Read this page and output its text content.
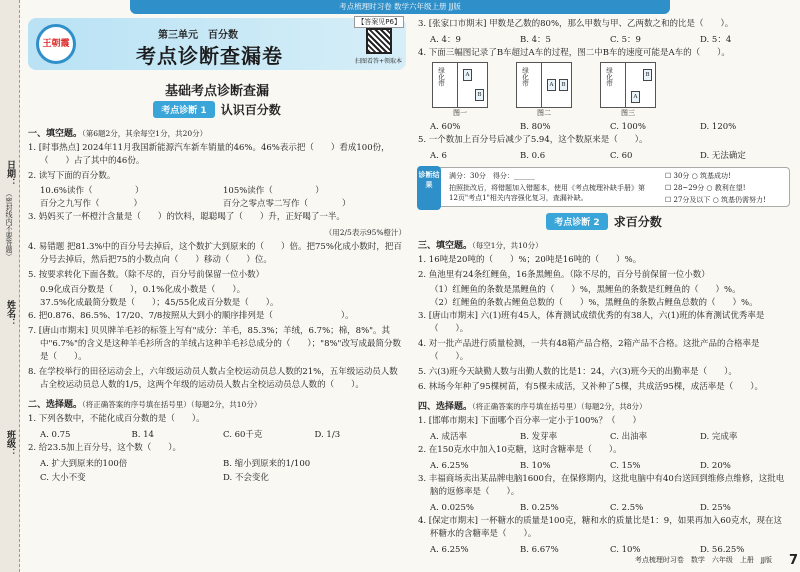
考点梳理时习卷 数学六年级上册 JJ版
日期：
（密封线内不要答题）
姓名：
班级：
王朝霞
第三单元　百分数
考点诊断查漏卷
【答案见P6】
扫图看答+领取本
基础考点诊断查漏
考点诊断 1	认识百分数
一、填空题。（第6题2分，其余每空1分，共20分）
1. [时事热点] 2024年11月我国新能源汽车新车销量的46%。46%表示把（　　）看成100份，（　　）占了其中的46份。
2. 读写下面的百分数。
10.6%读作（　　　　　）	105%读作（　　　　　）
百分之九写作（　　　　）	百分之零点零二写作（　　　　）
3. 妈妈买了一杯橙汁含量是（　　）的饮料，聪聪喝了（　　）升，正好喝了一半。
（用2/5表示95%橙汁）
4. 易错题 把81.3%中的百分号去掉后，这个数扩大到原来的（　　）倍。把75%化成小数时，把百分号去掉后，然后把75的小数点向（　　）移动（　　）位。
5. 按要求转化下面各数。（除不尽的，百分号前保留一位小数）
0.9化成百分数是（　　），0.1%化成小数是（　　）。
37.5%化成最简分数是（　　）；45/55化成百分数是（　　）。
6. 把0.876、86.5%、17/20、7/8按照从大到小的顺序排列是（　　　　　　　　）。
7. [唐山市期末] 贝贝牌羊毛衫的标签上写有"成分：羊毛，85.3%；羊绒，6.7%；棉，8%"。其中"6.7%"的含义是这种羊毛衫所含的羊绒占这种羊毛衫总成分的（　　）；"8%"改写成最简分数是（　　）。
8. 在学校举行的田径运动会上，六年级运动员人数占全校运动员总人数的21%，五年级运动员人数占全校运动员总人数的1/5，这两个年级的运动员人数占全校运动员总人数的（　　）。
二、选择题。（将正确答案的序号填在括号里）（每题2分，共10分）
1. 下列各数中，不能化成百分数的是（　　）。
A. 0.75	B. 14	C. 60千克	D. 1/3
2. 给23.5加上百分号，这个数（　　）。
A. 扩大到原来的100倍	B. 缩小到原来的1/100
C. 大小不变	D. 不会变化
3. [张家口市期末] 甲数是乙数的80%，那么甲数与甲、乙两数之和的比是（　　）。
A. 4：9	B. 4：5	C. 5：9	D. 5：4
4. 下面三幅图记录了B车超过A车的过程，图二中B车的速度可能是A车的（　　）。
绿化带	A
B
图一
绿化带	A	B
图二
绿化带
A
B
图三
A. 60%	B. 80%	C. 100%	D. 120%
5. 一个数加上百分号后减少了5.94，这个数原来是（　　）。
A. 6	B. 0.6	C. 60	D. 无法确定
诊断结果
满分：30分　得分：______
拍照批改后，将错题加入错题本，使用《考点梳理补缺手册》第12页"考点1"相关内容强化复习，查漏补缺。
☐ 30分 ○ 筑基成功!
☐ 28~29分 ○ 教利在望!
☐ 27分及以下 ○ 筑基仍需努力!
考点诊断 2	求百分数
三、填空题。（每空1分，共10分）
1. 16吨是20吨的（　　）%；20吨是16吨的（　　）%。
2. 鱼池里有24条红鲤鱼，16条黑鲤鱼。（除不尽的，百分号前保留一位小数）
（1）红鲤鱼的条数是黑鲤鱼的（　　）%，黑鲤鱼的条数是红鲤鱼的（　　）%。
（2）红鲤鱼的条数占鲤鱼总数的（　　）%，黑鲤鱼的条数占鲤鱼总数的（　　）%。
3. [唐山市期末] 六(1)班有45人，体育测试成绩优秀的有38人，六(1)班的体育测试优秀率是（　　）。
4. 对一批产品进行质量检测，一共有48箱产品合格，2箱产品不合格。这批产品的合格率是（　　）。
5. 六(3)班今天缺勤人数与出勤人数的比是1：24，六(3)班今天的出勤率是（　　）。
6. 林场今年种了95棵树苗，有5棵未成活，又补种了5棵，共成活95棵，成活率是（　　）。
四、选择题。（将正确答案的序号填在括号里）（每题2分，共8分）
1. [邯郸市期末] 下面哪个百分率一定小于100%？（　　）
A. 成活率	B. 发芽率	C. 出油率	D. 完成率
2. 在150克水中加入10克糖，这时含糖率是（　　）。
A. 6.25%	B. 10%	C. 15%	D. 20%
3. 丰福商场卖出某品牌电脑1600台，在保修期内，这批电脑中有40台送回到维修点维修，这批电脑的返修率是（　　）。
A. 0.025%	B. 0.25%	C. 2.5%	D. 25%
4. [保定市期末] 一杯糖水的质量是100克，糖和水的质量比是1：9，如果再加入60克水，现在这杯糖水的含糖率是（　　）。
A. 6.25%	B. 6.67%	C. 10%	D. 56.25%
考点梳理时习卷　数学　六年级　上册　JJ版 7
